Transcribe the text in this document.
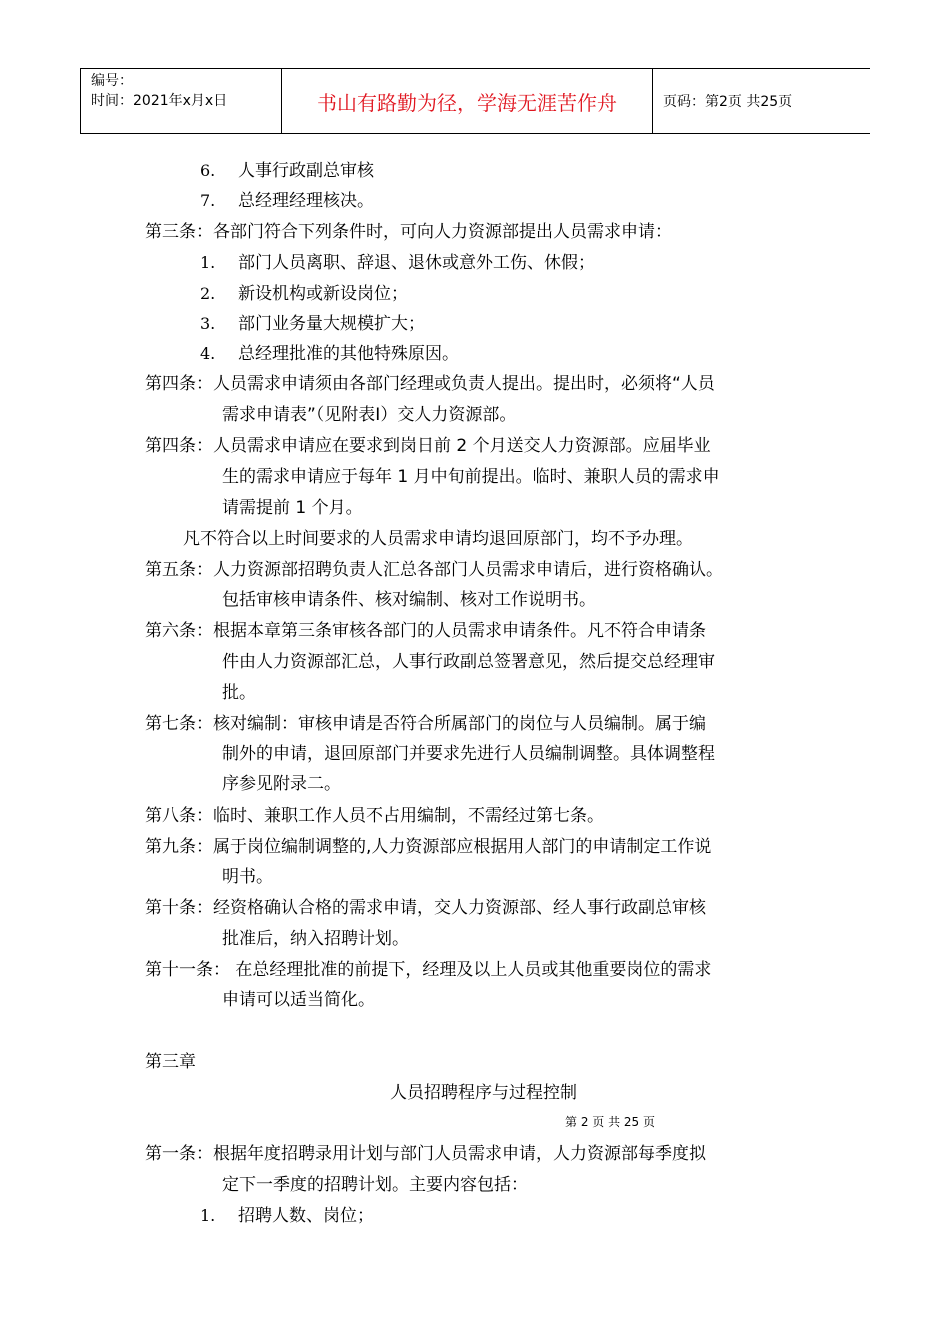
编号：
时间：2021年x月x日	书山有路勤为径，学海无涯苦作舟	页码：第2页 共25页
6. 人事行政副总审核
7. 总经理经理核决。
第三条：各部门符合下列条件时，可向人力资源部提出人员需求申请：
1. 部门人员离职、辞退、退休或意外工伤、休假；
2. 新设机构或新设岗位；
3. 部门业务量大规模扩大；
4. 总经理批准的其他特殊原因。
第四条：人员需求申请须由各部门经理或负责人提出。提出时，必须将“人员
需求申请表”（见附表I）交人力资源部。
第四条：人员需求申请应在要求到岗日前 2 个月送交人力资源部。应届毕业
生的需求申请应于每年 1 月中旬前提出。临时、兼职人员的需求申
请需提前 1 个月。
凡不符合以上时间要求的人员需求申请均退回原部门，均不予办理。
第五条：人力资源部招聘负责人汇总各部门人员需求申请后，进行资格确认。
包括审核申请条件、核对编制、核对工作说明书。
第六条：根据本章第三条审核各部门的人员需求申请条件。凡不符合申请条
件由人力资源部汇总，人事行政副总签署意见，然后提交总经理审
批。
第七条：核对编制：审核申请是否符合所属部门的岗位与人员编制。属于编
制外的申请，退回原部门并要求先进行人员编制调整。具体调整程
序参见附录二。
第八条：临时、兼职工作人员不占用编制，不需经过第七条。
第九条：属于岗位编制调整的,人力资源部应根据用人部门的申请制定工作说
明书。
第十条：经资格确认合格的需求申请，交人力资源部、经人事行政副总审核
批准后，纳入招聘计划。
第十一条： 在总经理批准的前提下，经理及以上人员或其他重要岗位的需求
申请可以适当简化。
第三章
人员招聘程序与过程控制
第 2 页 共 25 页
第一条：根据年度招聘录用计划与部门人员需求申请，人力资源部每季度拟
定下一季度的招聘计划。主要内容包括：
1. 招聘人数、岗位；
